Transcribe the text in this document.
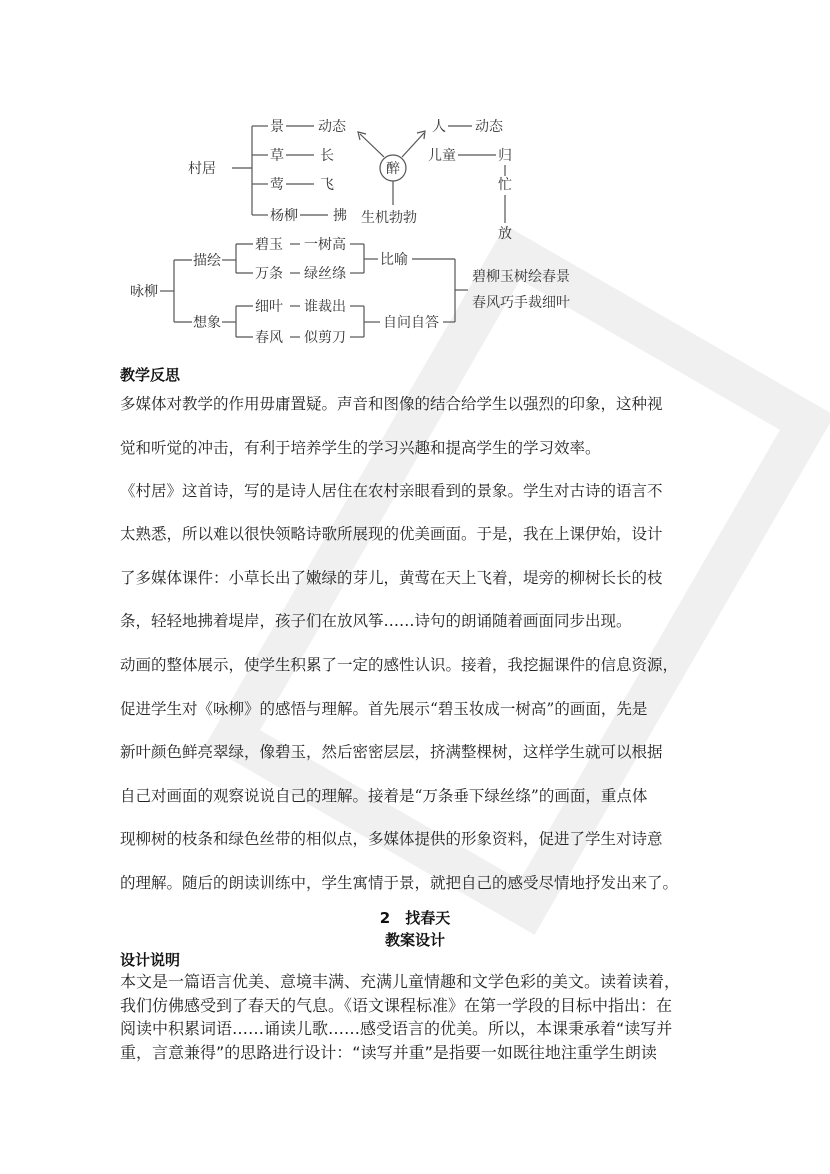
村居
景 动态
草	长
莺	飞
杨柳	拂
醉
生机勃勃
人 动态
儿童	归
忙
放
咏柳
描绘
想象
碧玉 一树高
万条 绿丝绦
细叶 谁裁出
春风 似剪刀
比喻
自问自答
碧柳玉树绘春景
春风巧手裁细叶
教学反思
多媒体对教学的作用毋庸置疑。声音和图像的结合给学生以强烈的印象，这种视
觉和听觉的冲击，有利于培养学生的学习兴趣和提高学生的学习效率。
《村居》这首诗，写的是诗人居住在农村亲眼看到的景象。学生对古诗的语言不
太熟悉，所以难以很快领略诗歌所展现的优美画面。于是，我在上课伊始，设计
了多媒体课件：小草长出了嫩绿的芽儿，黄莺在天上飞着，堤旁的柳树长长的枝
条，轻轻地拂着堤岸，孩子们在放风筝……诗句的朗诵随着画面同步出现。
动画的整体展示，使学生积累了一定的感性认识。接着，我挖掘课件的信息资源，
促进学生对《咏柳》的感悟与理解。首先展示“碧玉妆成一树高”的画面，先是
新叶颜色鲜亮翠绿，像碧玉，然后密密层层，挤满整棵树，这样学生就可以根据
自己对画面的观察说说自己的理解。接着是“万条垂下绿丝绦”的画面，重点体
现柳树的枝条和绿色丝带的相似点，多媒体提供的形象资料，促进了学生对诗意
的理解。随后的朗读训练中，学生寓情于景，就把自己的感受尽情地抒发出来了。
2　找春天
教案设计
设计说明
本文是一篇语言优美、意境丰满、充满儿童情趣和文学色彩的美文。读着读着，
我们仿佛感受到了春天的气息。《语文课程标准》在第一学段的目标中指出：在
阅读中积累词语……诵读儿歌……感受语言的优美。所以，本课秉承着“读写并
重，言意兼得”的思路进行设计：“读写并重”是指要一如既往地注重学生朗读
